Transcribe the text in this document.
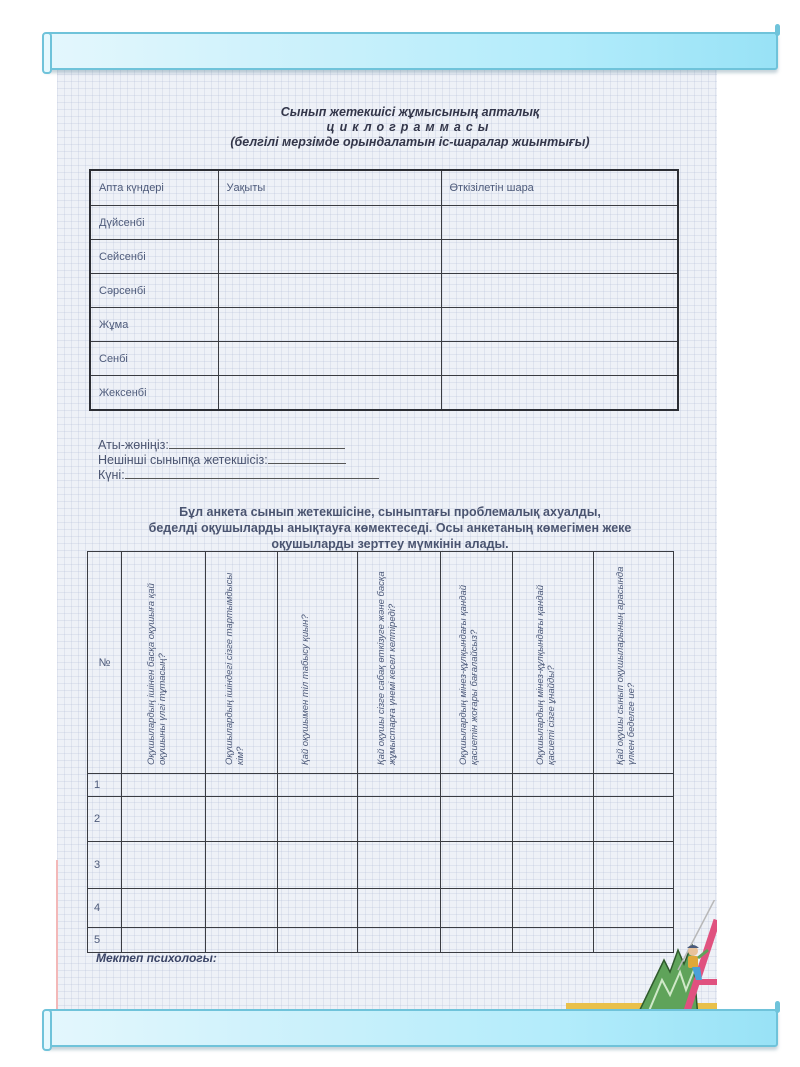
Сынып жетекшісі жұмысының апталық
циклограммасы
(белгілі мерзімде орындалатын іс-шаралар жиынтығы)
Апта күндері	Уақыты	Өткізілетін шара
Дүйсенбі		
Сейсенбі		
Сәрсенбі		
Жұма		
Сенбі		
Жексенбі		
Аты-жөніңіз:
Нешінші сыныпқа жетекшісіз:
Күні:
Бұл анкета сынып жетекшісіне, сыныптағы проблемалық ахуалды,
беделді оқушыларды анықтауға көмектеседі. Осы анкетаның көмегімен жеке
оқушыларды зерттеу мүмкінін алады.
№	Оқушылардың ішінен басқа оқушыға қай оқушыны үлгі тұтасың?	Оқушылардың ішіндегі сізге тартымдысы кім?	Қай оқушымен тіл табысу қиын?	Қай оқушы сізге сабақ өткізуге және басқа жұмыстарға үнемі кесел келтіреді?	Оқушылардың мінез-құлқындағы қандай қасиетін жоғары бағалайсыз?	Оқушылардың мінез-құлқындағы қандай қасиеті сізге ұнайды?	Қай оқушы сынып оқушыларының арасында үлкен беделге ие?

1							
2							
3							
4							
5							
Мектеп психологы:
